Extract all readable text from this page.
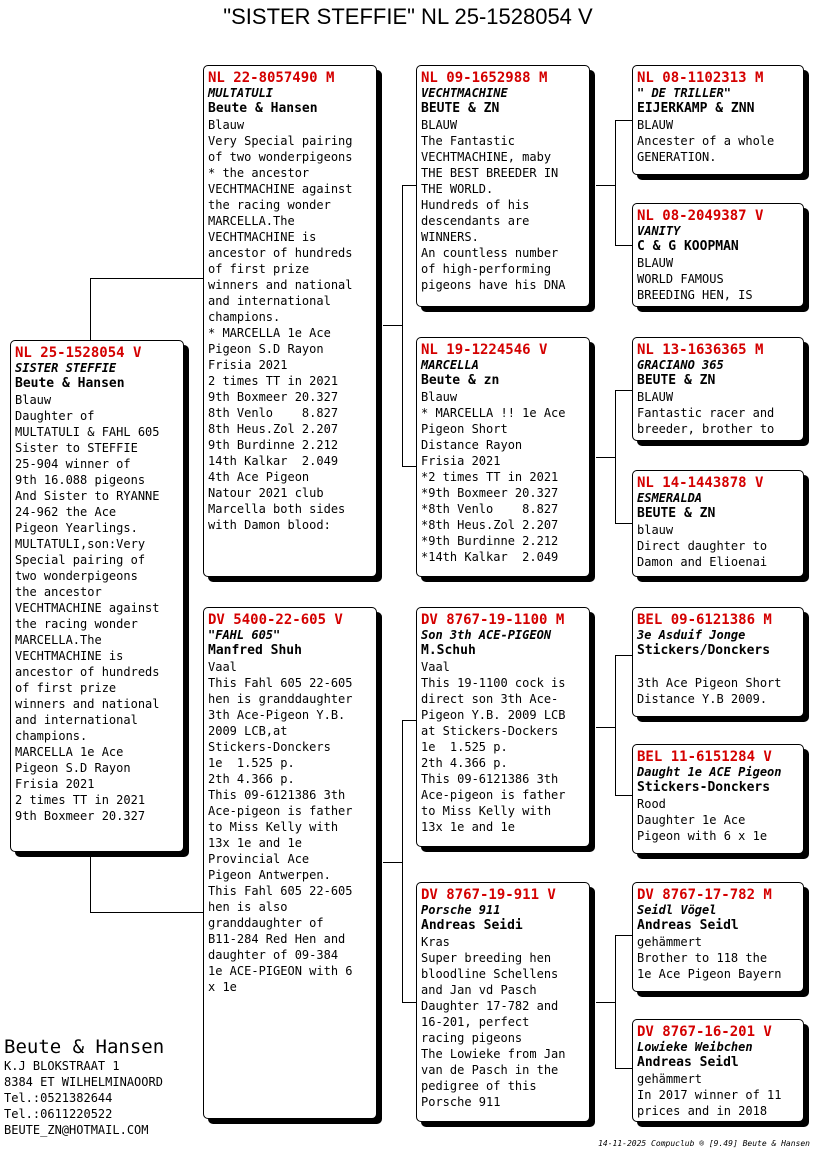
"SISTER STEFFIE" NL 25-1528054 V
NL 25-1528054 V
SISTER STEFFIE
Beute & Hansen
Blauw
Daughter of
MULTATULI & FAHL 605
Sister to STEFFIE
25-904 winner of
9th 16.088 pigeons
And Sister to RYANNE
24-962 the Ace
Pigeon Yearlings.
MULTATULI,son:Very
Special pairing of
two wonderpigeons
the ancestor
VECHTMACHINE against
the racing wonder
MARCELLA.The
VECHTMACHINE is
ancestor of hundreds
of first prize
winners and national
and international
champions.
MARCELLA 1e Ace
Pigeon S.D Rayon
Frisia 2021
2 times TT in 2021
9th Boxmeer 20.327
NL 22-8057490 M
MULTATULI
Beute & Hansen
Blauw
Very Special pairing
of two wonderpigeons
* the ancestor
VECHTMACHINE against
the racing wonder
MARCELLA.The
VECHTMACHINE is
ancestor of hundreds
of first prize
winners and national
and international
champions.
* MARCELLA 1e Ace
Pigeon S.D Rayon
Frisia 2021
2 times TT in 2021
9th Boxmeer 20.327
8th Venlo    8.827
8th Heus.Zol 2.207
9th Burdinne 2.212
14th Kalkar  2.049
4th Ace Pigeon
Natour 2021 club
Marcella both sides
with Damon blood:
DV 5400-22-605 V
"FAHL 605"
Manfred Shuh
Vaal
This Fahl 605 22-605
hen is granddaughter
3th Ace-Pigeon Y.B.
2009 LCB,at
Stickers-Donckers
1e  1.525 p.
2th 4.366 p.
This 09-6121386 3th
Ace-pigeon is father
to Miss Kelly with
13x 1e and 1e
Provincial Ace
Pigeon Antwerpen.
This Fahl 605 22-605
hen is also
granddaughter of
B11-284 Red Hen and
daughter of 09-384
1e ACE-PIGEON with 6
x 1e
NL 09-1652988 M
VECHTMACHINE
BEUTE & ZN
BLAUW
The Fantastic
VECHTMACHINE, maby
THE BEST BREEDER IN
THE WORLD.
Hundreds of his
descendants are
WINNERS.
An countless number
of high-performing
pigeons have his DNA
NL 19-1224546 V
MARCELLA
Beute & zn
Blauw
* MARCELLA !! 1e Ace
Pigeon Short
Distance Rayon
Frisia 2021
*2 times TT in 2021
*9th Boxmeer 20.327
*8th Venlo    8.827
*8th Heus.Zol 2.207
*9th Burdinne 2.212
*14th Kalkar  2.049
DV 8767-19-1100 M
Son 3th ACE-PIGEON
M.Schuh
Vaal
This 19-1100 cock is
direct son 3th Ace-
Pigeon Y.B. 2009 LCB
at Stickers-Dockers
1e  1.525 p.
2th 4.366 p.
This 09-6121386 3th
Ace-pigeon is father
to Miss Kelly with
13x 1e and 1e
DV 8767-19-911 V
Porsche 911
Andreas Seidi
Kras
Super breeding hen
bloodline Schellens
and Jan vd Pasch
Daughter 17-782 and
16-201, perfect
racing pigeons
The Lowieke from Jan
van de Pasch in the
pedigree of this
Porsche 911
NL 08-1102313 M
" DE TRILLER"
EIJERKAMP & ZNN
BLAUW
Ancester of a whole
GENERATION.
NL 08-2049387 V
VANITY
C & G KOOPMAN
BLAUW
WORLD FAMOUS
BREEDING HEN, IS
NL 13-1636365 M
GRACIANO 365
BEUTE & ZN
BLAUW
Fantastic racer and
breeder, brother to
NL 14-1443878 V
ESMERALDA
BEUTE & ZN
blauw
Direct daughter to
Damon and Elioenai
BEL 09-6121386 M
3e Asduif Jonge
Stickers/Donckers
3th Ace Pigeon Short
Distance Y.B 2009.
BEL 11-6151284 V
Daught 1e ACE Pigeon
Stickers-Donckers
Rood
Daughter 1e Ace
Pigeon with 6 x 1e
DV 8767-17-782 M
Seidl Vögel
Andreas Seidl
gehämmert
Brother to 118 the
1e Ace Pigeon Bayern
DV 8767-16-201 V
Lowieke Weibchen
Andreas Seidl
gehämmert
In 2017 winner of 11
prices and in 2018
Beute & Hansen
K.J BLOKSTRAAT 1
8384 ET WILHELMINAOORD
Tel.:0521382644
Tel.:0611220522
BEUTE_ZN@HOTMAIL.COM
14-11-2025 Compuclub ® [9.49] Beute & Hansen
